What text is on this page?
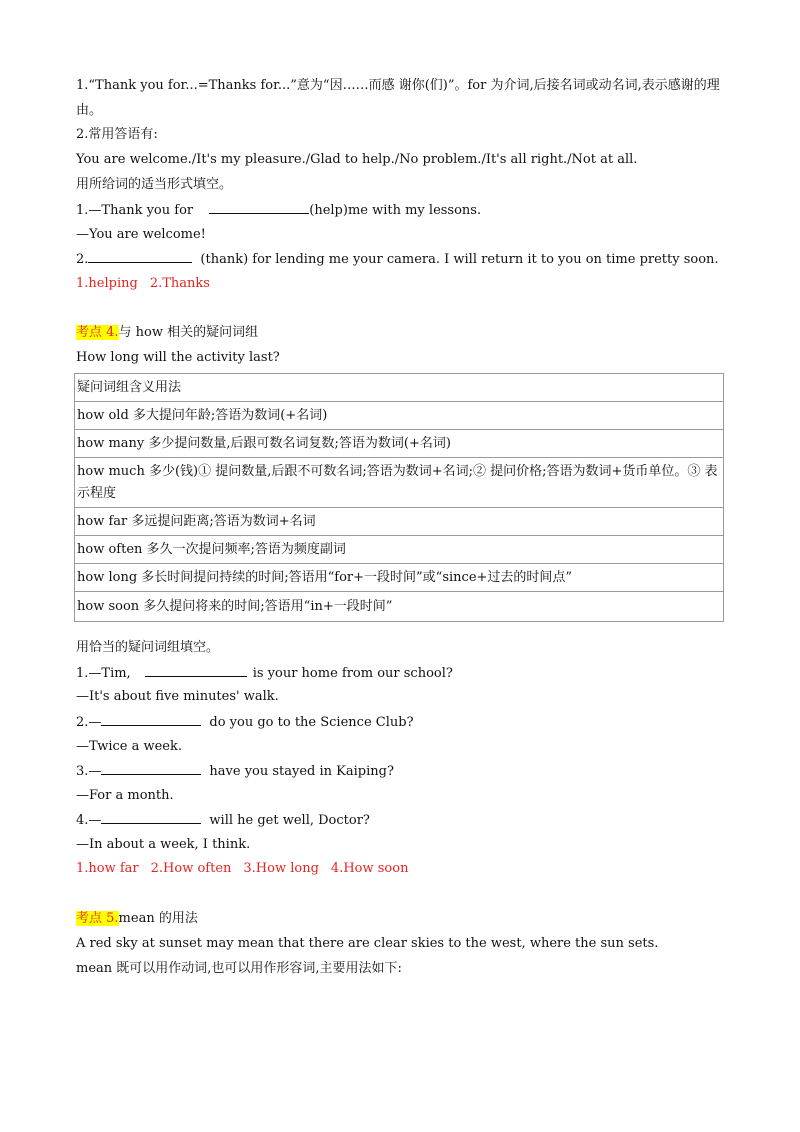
1.“Thank you for...=Thanks for...”意为“因……而感 谢你(们)”。for 为介词,后接名词或动名词,表示感谢的理由。
2.常用答语有:
You are welcome./It's my pleasure./Glad to help./No problem./It's all right./Not at all.
用所给词的适当形式填空。
1.—Thank you for	(help)me with my lessons.
—You are welcome!
2.	(thank) for lending me your camera. I will return it to you on time pretty soon.
1.helping 2.Thanks
考点 4.与 how 相关的疑问词组
How long will the activity last?
疑问词组含义用法
how old 多大提问年龄;答语为数词(+名词)
how many 多少提问数量,后跟可数名词复数;答语为数词(+名词)
how much 多少(钱)① 提问数量,后跟不可数名词;答语为数词+名词;② 提问价格;答语为数词+货币单位。③ 表示程度
how far 多远提问距离;答语为数词+名词
how often 多久一次提问频率;答语为频度副词
how long 多长时间提问持续的时间;答语用“for+一段时间”或“since+过去的时间点”
how soon 多久提问将来的时间;答语用“in+一段时间”
用恰当的疑问词组填空。
1.—Tim,	is your home from our school?
—It's about five minutes' walk.
2.—	do you go to the Science Club?
—Twice a week.
3.—	have you stayed in Kaiping?
—For a month.
4.—	will he get well, Doctor?
—In about a week, I think.
1.how far 2.How often 3.How long 4.How soon
考点 5.mean 的用法
A red sky at sunset may mean that there are clear skies to the west, where the sun sets.
mean 既可以用作动词,也可以用作形容词,主要用法如下:
